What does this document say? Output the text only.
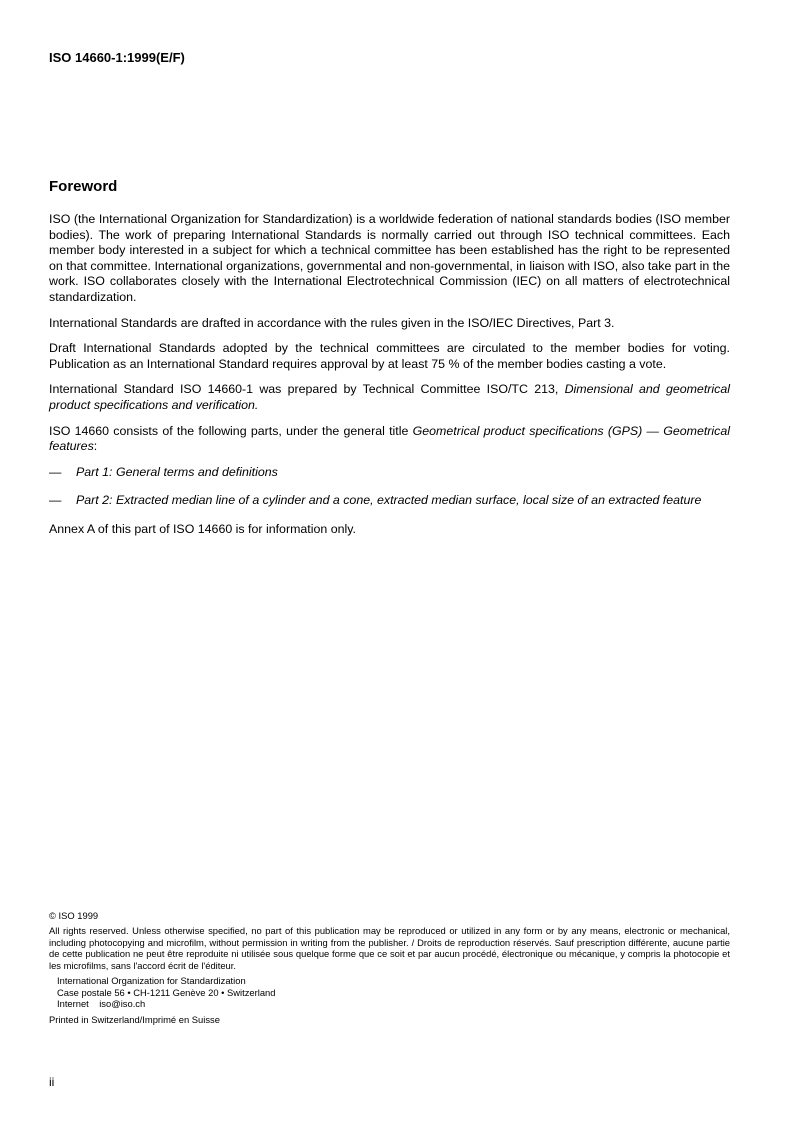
ISO 14660-1:1999(E/F)
Foreword

ISO (the International Organization for Standardization) is a worldwide federation of national standards bodies (ISO member bodies). The work of preparing International Standards is normally carried out through ISO technical committees. Each member body interested in a subject for which a technical committee has been established has the right to be represented on that committee. International organizations, governmental and non-governmental, in liaison with ISO, also take part in the work. ISO collaborates closely with the International Electrotechnical Commission (IEC) on all matters of electrotechnical standardization.

International Standards are drafted in accordance with the rules given in the ISO/IEC Directives, Part 3.

Draft International Standards adopted by the technical committees are circulated to the member bodies for voting. Publication as an International Standard requires approval by at least 75 % of the member bodies casting a vote.

International Standard ISO 14660-1 was prepared by Technical Committee ISO/TC 213, Dimensional and geometrical product specifications and verification.

ISO 14660 consists of the following parts, under the general title Geometrical product specifications (GPS) — Geometrical features:

—	Part 1: General terms and definitions
—	Part 2: Extracted median line of a cylinder and a cone, extracted median surface, local size of an extracted feature

Annex A of this part of ISO 14660 is for information only.

© ISO 1999

All rights reserved. Unless otherwise specified, no part of this publication may be reproduced or utilized in any form or by any means, electronic or mechanical, including photocopying and microfilm, without permission in writing from the publisher. / Droits de reproduction réservés. Sauf prescription différente, aucune partie de cette publication ne peut être reproduite ni utilisée sous quelque forme que ce soit et par aucun procédé, électronique ou mécanique, y compris la photocopie et les microfilms, sans l'accord écrit de l'éditeur.

International Organization for Standardization
Case postale 56 • CH-1211 Genève 20 • Switzerland
Internet    iso@iso.ch

Printed in Switzerland/Imprimé en Suisse

ii
